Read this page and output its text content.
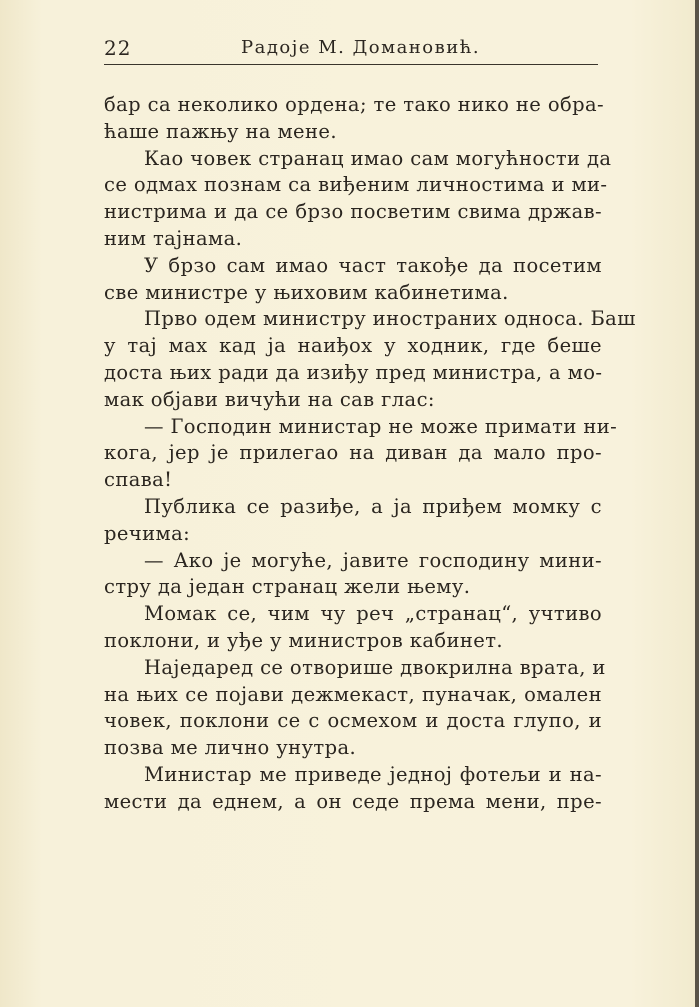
22	Радоје М. Домановић.
бар са неколико ордена; те тако нико не обра-
ћаше пажњу на мене.
Као човек странац имао сам могућности да
се одмах познам са виђеним личностима и ми-
нистрима и да се брзо посветим свима држав-
ним тајнама.
У брзо сам имао част такође да посетим
све министре у њиховим кабинетима.
Прво одем министру иностраних односа. Баш
у тај мах кад ја наиђох у ходник, где беше
доста њих ради да изиђу пред министра, а мо-
мак објави вичући на сав глас:
— Господин министар не може примати ни-
кога, јер је прилегао на диван да мало про-
спава!
Публика се разиђе, а ја приђем момку с
речима:
— Ако је могуће, јавите господину мини-
стру да један странац жели њему.
Момак се, чим чу реч „странац“, учтиво
поклони, и уђе у министров кабинет.
Наједаред се отворише двокрилна врата, и
на њих се појави дежмекаст, пуначак, омален
човек, поклони се с осмехом и доста глупо, и
позва ме лично унутра.
Министар ме приведе једној фотељи и на-
мести да еднем, а он седе према мени, пре-
